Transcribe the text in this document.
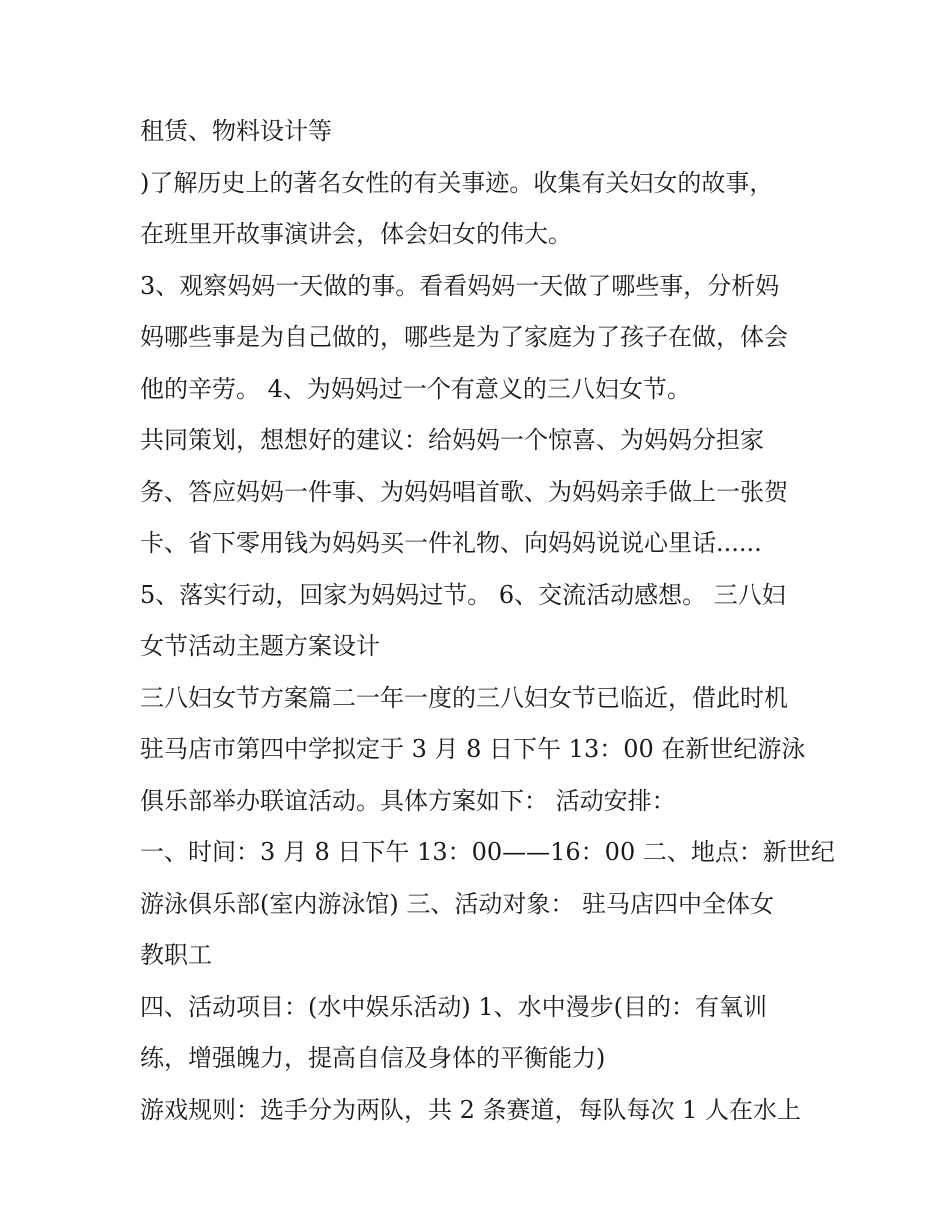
租赁、物料设计等
)了解历史上的著名女性的有关事迹。收集有关妇女的故事，
在班里开故事演讲会，体会妇女的伟大。
3、观察妈妈一天做的事。看看妈妈一天做了哪些事，分析妈
妈哪些事是为自己做的，哪些是为了家庭为了孩子在做，体会
他的辛劳。 4、为妈妈过一个有意义的三八妇女节。
共同策划，想想好的建议：给妈妈一个惊喜、为妈妈分担家
务、答应妈妈一件事、为妈妈唱首歌、为妈妈亲手做上一张贺
卡、省下零用钱为妈妈买一件礼物、向妈妈说说心里话......
5、落实行动，回家为妈妈过节。 6、交流活动感想。 三八妇
女节活动主题方案设计
三八妇女节方案篇二一年一度的三八妇女节已临近，借此时机
驻马店市第四中学拟定于 3 月 8 日下午 13：00 在新世纪游泳
俱乐部举办联谊活动。具体方案如下： 活动安排：
一、时间：3 月 8 日下午 13：00——16：00 二、地点：新世纪
游泳俱乐部(室内游泳馆) 三、活动对象： 驻马店四中全体女
教职工
四、活动项目：(水中娱乐活动) 1、水中漫步(目的：有氧训
练，增强魄力，提高自信及身体的平衡能力)
游戏规则：选手分为两队，共 2 条赛道，每队每次 1 人在水上
